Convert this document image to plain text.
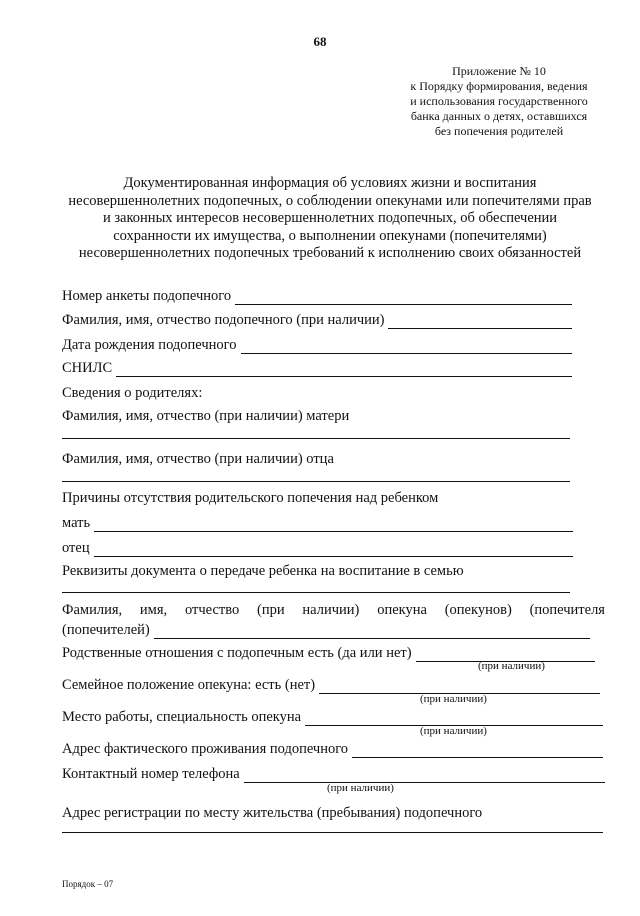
68
Приложение № 10
к Порядку формирования, ведения
и использования государственного
банка данных о детях, оставшихся
без попечения родителей
Документированная информация об условиях жизни и воспитания
несовершеннолетних подопечных, о соблюдении опекунами или попечителями прав
и законных интересов несовершеннолетних подопечных, об обеспечении
сохранности их имущества, о выполнении опекунами (попечителями)
несовершеннолетних подопечных требований к исполнению своих обязанностей
Номер анкеты подопечного
Фамилия, имя, отчество подопечного (при наличии)
Дата рождения подопечного
СНИЛС
Сведения о родителях:
Фамилия, имя, отчество (при наличии) матери
Фамилия, имя, отчество (при наличии) отца
Причины отсутствия родительского попечения над ребенком
мать
отец
Реквизиты документа о передаче ребенка на воспитание в семью
Фамилия, имя, отчество (при наличии) опекуна (опекунов) (попечителя
(попечителей)
Родственные отношения с подопечным есть (да или нет)
(при наличии)
Семейное положение опекуна: есть (нет)
(при наличии)
Место работы, специальность опекуна
(при наличии)
Адрес фактического проживания подопечного
Контактный номер телефона
(при наличии)
Адрес регистрации по месту жительства (пребывания) подопечного
Порядок – 07
